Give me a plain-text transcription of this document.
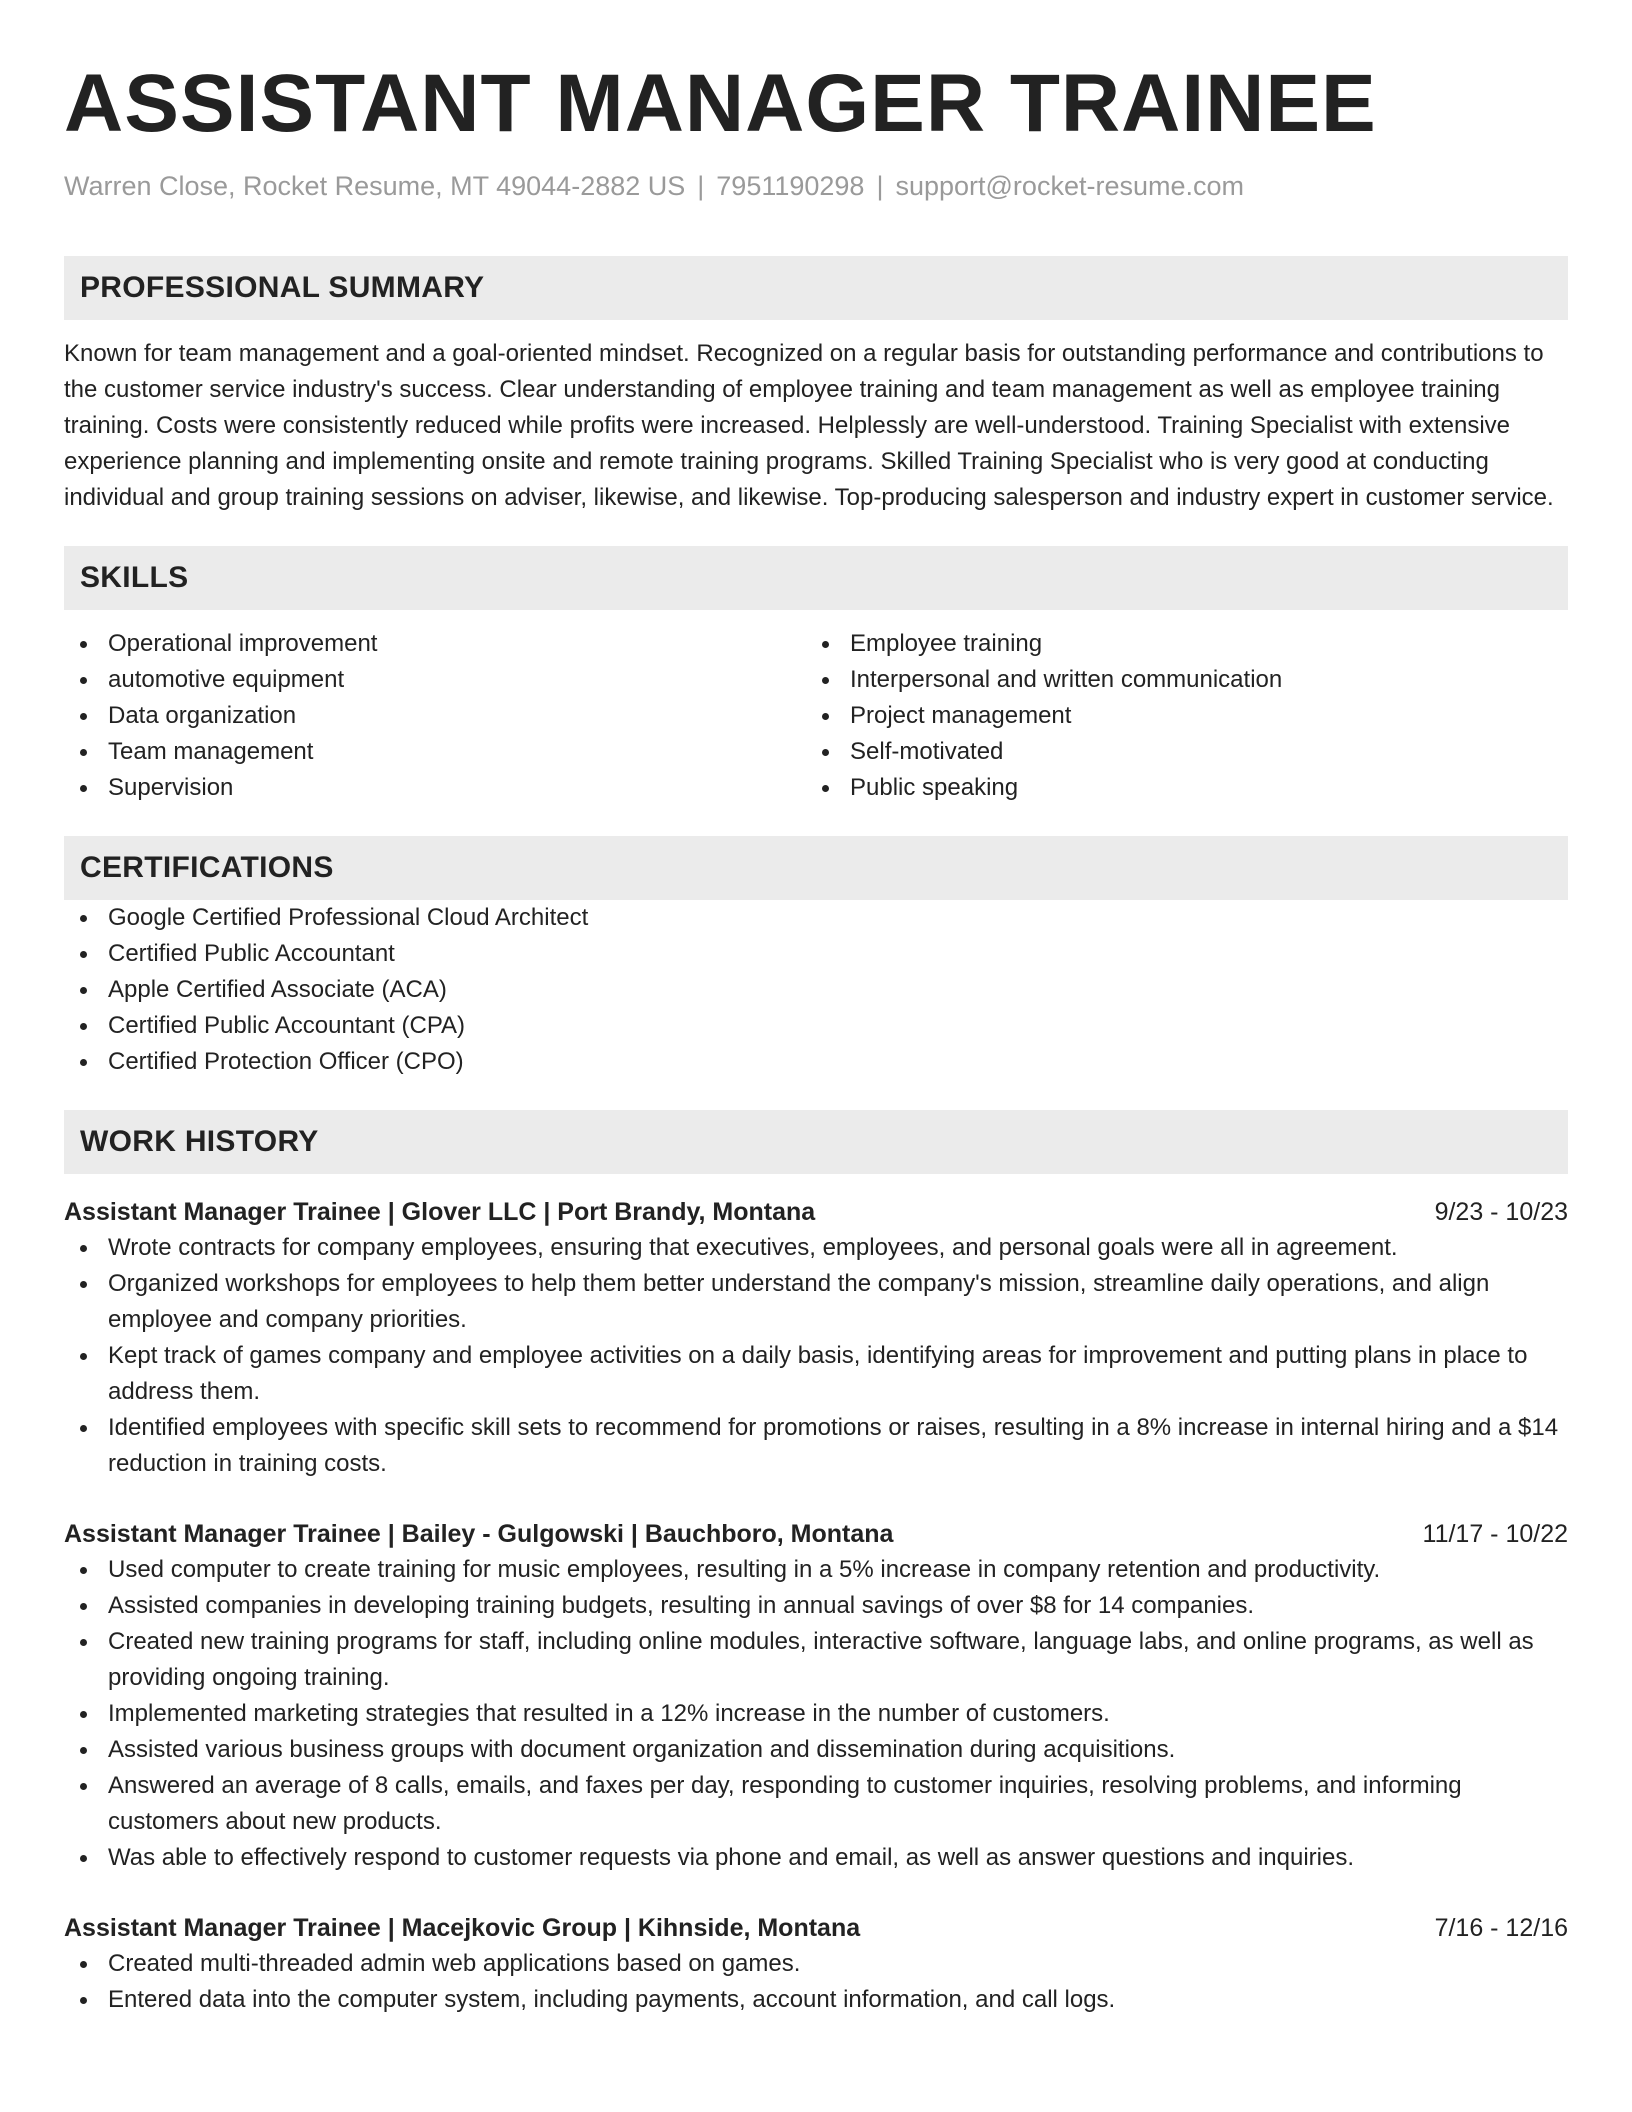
ASSISTANT MANAGER TRAINEE
Warren Close, Rocket Resume, MT 49044-2882 US | 7951190298 | support@rocket-resume.com
PROFESSIONAL SUMMARY

Known for team management and a goal-oriented mindset. Recognized on a regular basis for outstanding performance and contributions to the customer service industry's success. Clear understanding of employee training and team management as well as employee training training. Costs were consistently reduced while profits were increased. Helplessly are well-understood. Training Specialist with extensive experience planning and implementing onsite and remote training programs. Skilled Training Specialist who is very good at conducting individual and group training sessions on adviser, likewise, and likewise. Top-producing salesperson and industry expert in customer service.

SKILLS
Operational improvement
automotive equipment
Data organization
Team management
Supervision
Employee training
Interpersonal and written communication
Project management
Self-motivated
Public speaking
CERTIFICATIONS
Google Certified Professional Cloud Architect
Certified Public Accountant
Apple Certified Associate (ACA)
Certified Public Accountant (CPA)
Certified Protection Officer (CPO)
WORK HISTORY
Assistant Manager Trainee | Glover LLC | Port Brandy, Montana	9/23 - 10/23
Wrote contracts for company employees, ensuring that executives, employees, and personal goals were all in agreement.
Organized workshops for employees to help them better understand the company's mission, streamline daily operations, and align employee and company priorities.
Kept track of games company and employee activities on a daily basis, identifying areas for improvement and putting plans in place to address them.
Identified employees with specific skill sets to recommend for promotions or raises, resulting in a 8% increase in internal hiring and a $14 reduction in training costs.
Assistant Manager Trainee | Bailey - Gulgowski | Bauchboro, Montana	11/17 - 10/22
Used computer to create training for music employees, resulting in a 5% increase in company retention and productivity.
Assisted companies in developing training budgets, resulting in annual savings of over $8 for 14 companies.
Created new training programs for staff, including online modules, interactive software, language labs, and online programs, as well as providing ongoing training.
Implemented marketing strategies that resulted in a 12% increase in the number of customers.
Assisted various business groups with document organization and dissemination during acquisitions.
Answered an average of 8 calls, emails, and faxes per day, responding to customer inquiries, resolving problems, and informing customers about new products.
Was able to effectively respond to customer requests via phone and email, as well as answer questions and inquiries.
Assistant Manager Trainee | Macejkovic Group | Kihnside, Montana	7/16 - 12/16
Created multi-threaded admin web applications based on games.
Entered data into the computer system, including payments, account information, and call logs.
